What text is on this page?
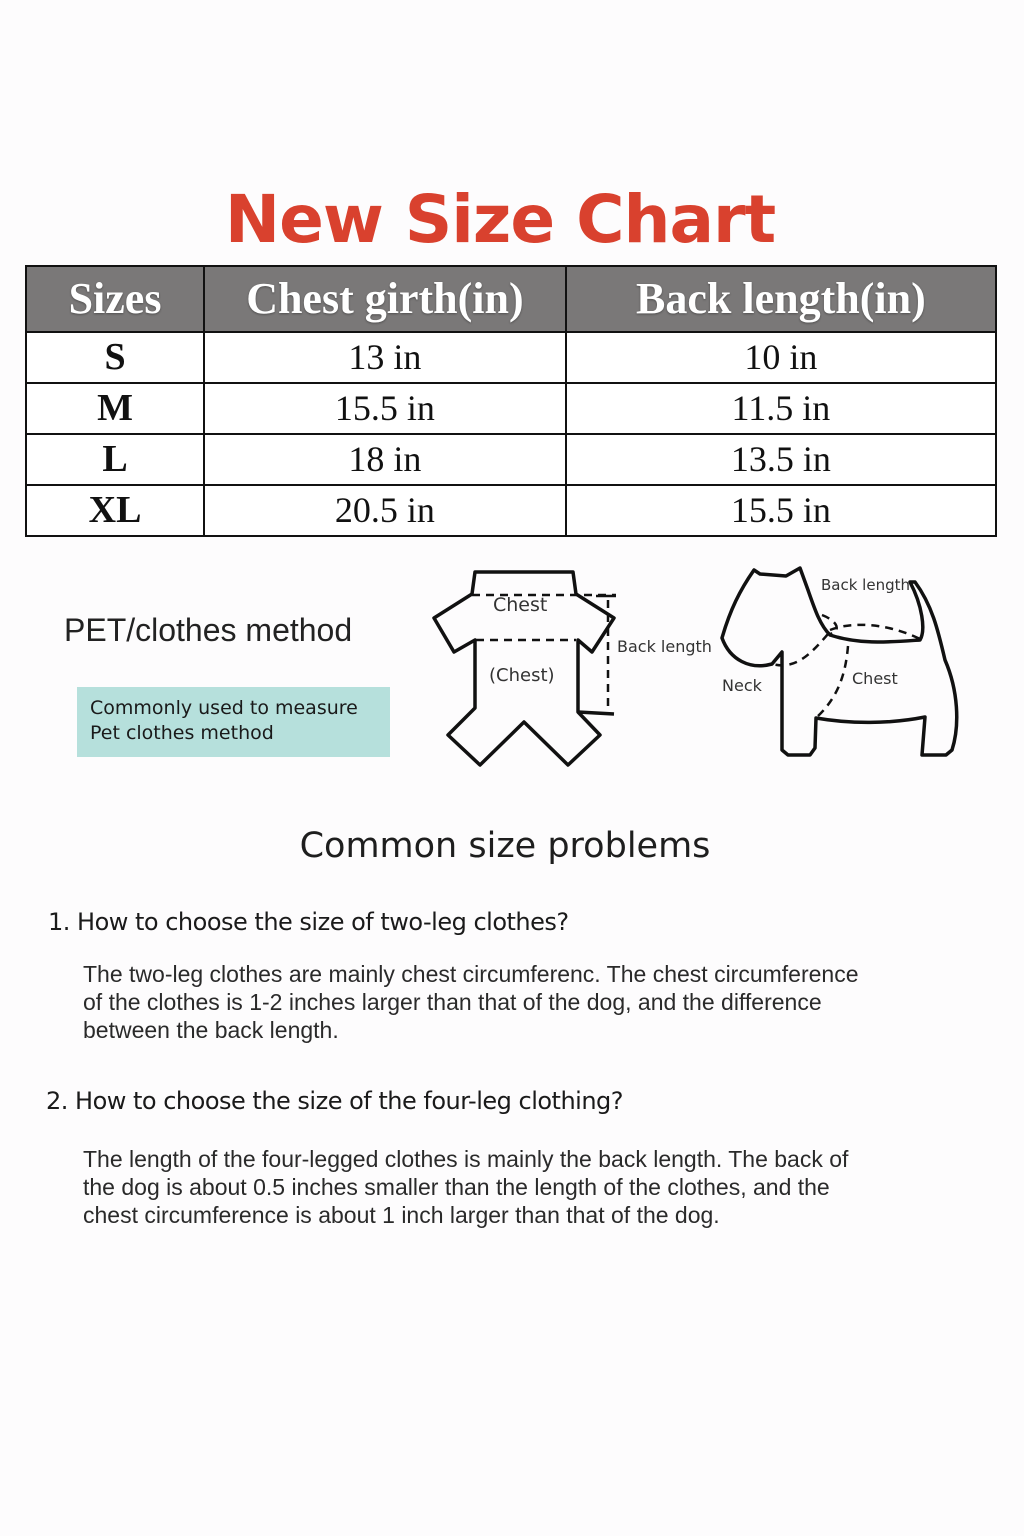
New Size Chart
Sizes	Chest girth(in)	Back length(in)
S	13 in	10 in
M	15.5 in	11.5 in
L	18 in	13.5 in
XL	20.5 in	15.5 in
PET/clothes method
Commonly used to measure
Pet clothes method
Chest
(Chest)
Back length
Back length
Neck	Chest
Common size problems
1. How to choose the size of two-leg clothes?
The two-leg clothes are mainly chest circumferenc. The chest circumference
of the clothes is 1-2 inches larger than that of the dog, and the difference
between the back length.
2. How to choose the size of the four-leg clothing?
The length of the four-legged clothes is mainly the back length. The back of
the dog is about 0.5 inches smaller than the length of the clothes, and the
chest circumference is about 1 inch larger than that of the dog.
